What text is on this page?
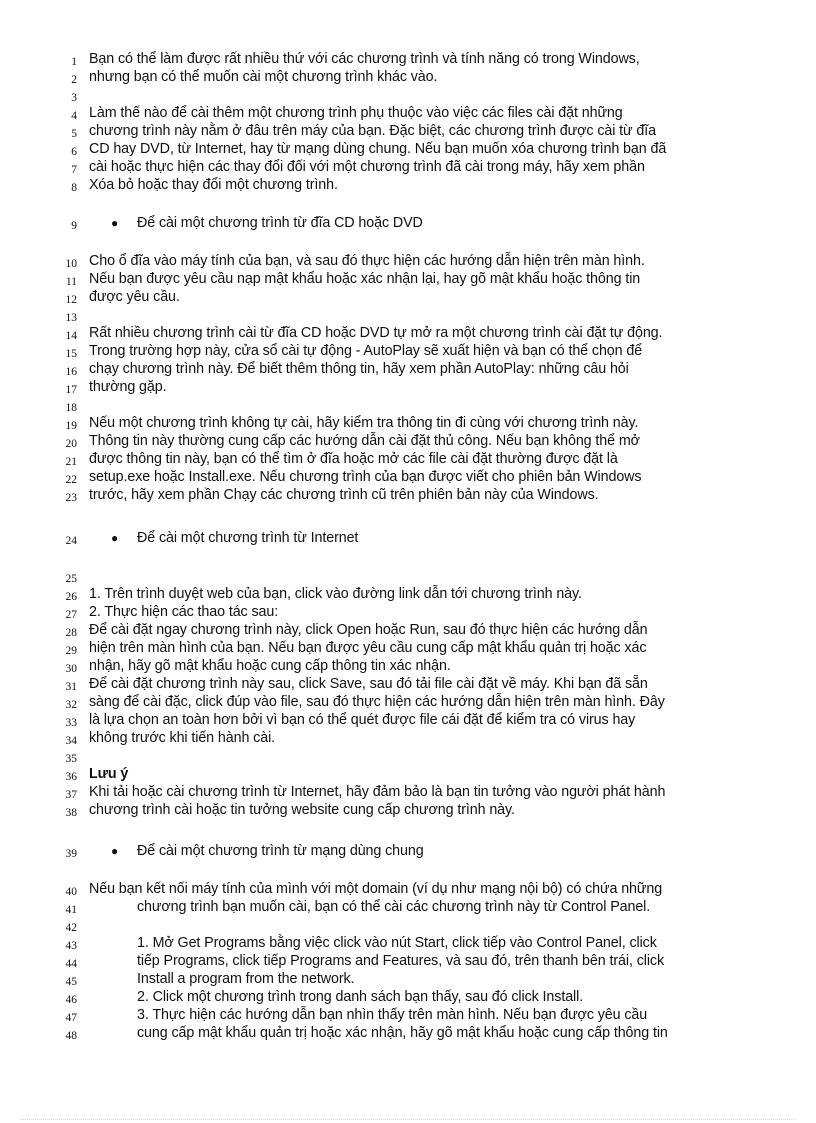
1 Bạn có thể làm được rất nhiều thứ với các chương trình và tính năng có trong Windows,
2 nhưng bạn có thể muốn cài một chương trình khác vào.
3
4 Làm thế nào để cài thêm một chương trình phụ thuộc vào việc các files cài đặt những
5 chương trình này nằm ở đâu trên máy của bạn. Đặc biệt, các chương trình được cài từ đĩa
6 CD hay DVD, từ Internet, hay từ mạng dùng chung. Nếu bạn muốn xóa chương trình bạn đã
7 cài hoặc thực hiện các thay đổi đối với một chương trình đã cài trong máy, hãy xem phần
8 Xóa bỏ hoặc thay đổi một chương trình.
9	● Để cài một chương trình từ đĩa CD hoặc DVD
10 Cho ổ đĩa vào máy tính của bạn, và sau đó thực hiện các hướng dẫn hiện trên màn hình.
11 Nếu bạn được yêu cầu nạp mật khẩu hoặc xác nhận lại, hay gõ mật khẩu hoặc thông tin
12 được yêu cầu.
13
14 Rất nhiều chương trình cài từ đĩa CD hoặc DVD tự mở ra một chương trình cài đặt tự động.
15 Trong trường hợp này, cửa sổ cài tự động - AutoPlay sẽ xuất hiện và bạn có thể chọn để
16 chạy chương trình này. Để biết thêm thông tin, hãy xem phần AutoPlay: những câu hỏi
17 thường gặp.
18
19 Nếu một chương trình không tự cài, hãy kiểm tra thông tin đi cùng với chương trình này.
20 Thông tin này thường cung cấp các hướng dẫn cài đặt thủ công. Nếu bạn không thể mở
21 được thông tin này, bạn có thể tìm ở đĩa hoặc mở các file cài đặt thường được đặt là
22 setup.exe hoặc Install.exe. Nếu chương trình của bạn được viết cho phiên bản Windows
23 trước, hãy xem phần Chạy các chương trình cũ trên phiên bản này của Windows.
24	● Để cài một chương trình từ Internet
25
26 1. Trên trình duyệt web của bạn, click vào đường link dẫn tới chương trình này.
27 2. Thực hiện các thao tác sau:
28 Để cài đặt ngay chương trình này, click Open hoặc Run, sau đó thực hiện các hướng dẫn
29 hiện trên màn hình của bạn. Nếu bạn được yêu cầu cung cấp mật khẩu quản trị hoặc xác
30 nhận, hãy gõ mật khẩu hoặc cung cấp thông tin xác nhận.
31 Để cài đặt chương trình này sau, click Save, sau đó tải file cài đặt về máy. Khi bạn đã sẵn
32 sàng để cài đặc, click đúp vào file, sau đó thực hiện các hướng dẫn hiện trên màn hình. Đây
33 là lựa chọn an toàn hơn bởi vì bạn có thể quét được file cái đặt để kiểm tra có virus hay
34 không trước khi tiến hành cài.
35
36 Lưu ý
37 Khi tải hoặc cài chương trình từ Internet, hãy đảm bảo là bạn tin tưởng vào người phát hành
38 chương trình cài hoặc tin tưởng website cung cấp chương trình này.
39	● Để cài một chương trình từ mạng dùng chung
40 Nếu bạn kết nối máy tính của mình với một domain (ví dụ như mạng nội bộ) có chứa những
41	chương trình bạn muốn cài, bạn có thể cài các chương trình này từ Control Panel.
42
43	1. Mở Get Programs bằng việc click vào nút Start, click tiếp vào Control Panel, click
44	tiếp Programs, click tiếp Programs and Features, và sau đó, trên thanh bên trái, click
45	Install a program from the network.
46	2. Click một chương trình trong danh sách bạn thấy, sau đó click Install.
47	3. Thực hiện các hướng dẫn bạn nhìn thấy trên màn hình. Nếu bạn được yêu cầu
48	cung cấp mật khẩu quản trị hoặc xác nhận, hãy gõ mật khẩu hoặc cung cấp thông tin
